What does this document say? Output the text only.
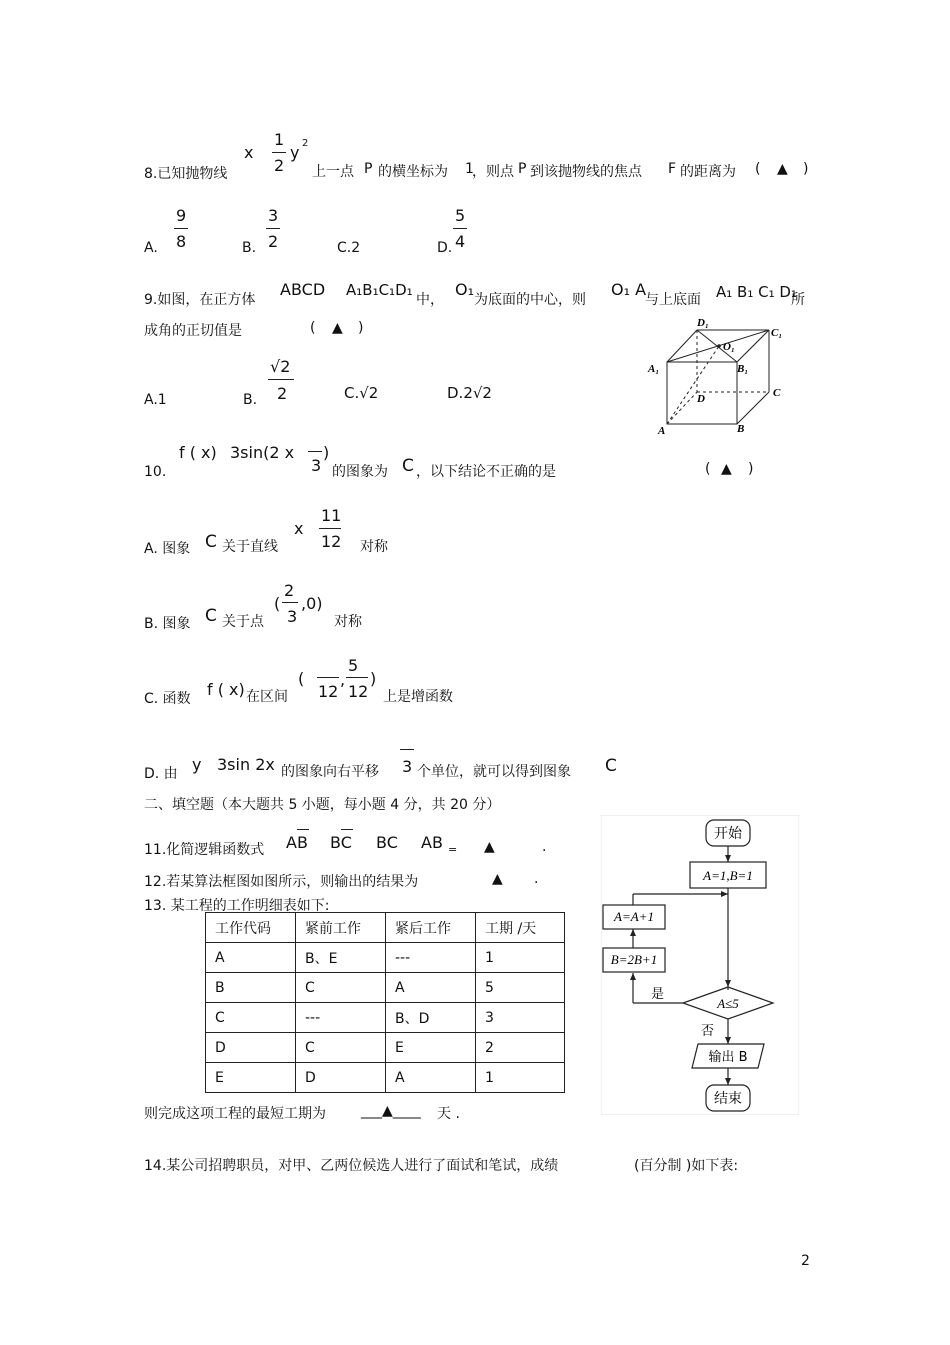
x
1
2
y 2
8.已知抛物线	上一点 P 的横坐标为 1
，则点 P 到该抛物线的焦点 F 的距离为 ( ▲ )
A.
9
8	B.
3
2	C.2	D.
5
4
9.如图，在正方体
ABCD A₁B₁C₁D₁
中，
O₁
为底面的中心，则
O₁ A
与上底面 A₁ B₁ C₁ D₁
所
成角的正切值是	( ▲ )
A.1	B.
√2
2	C.√2	D.2√2
D₁
C₁
O₁
A₁	B₁
D	C
A	B
f ( x) 3sin(2 x )
3
10.	的图象为 C ，以下结论不正确的是	( ▲ )
A. 图象 C 关于直线
x
11
12 对称
B. 图象 C 关于点
(
2
3
,0)
对称
C. 函数 f ( x) 在区间
(
12
,
5
12
)
上是增函数
D. 由 y 3sin 2x 的图象向右平移 3 个单位，就可以得到图象 C
二、填空题（本大题共 5 小题，每小题 4 分，共 20 分）
11.化简逻辑函数式 AB BC BC AB = ▲	.
12.若某算法框图如图所示，则输出的结果为	▲ .
13. 某工程的工作明细表如下:
工作代码	紧前工作	紧后工作	工期 /天
A	B、E	---	1
B	C	A	5
C	---	B、D	3
D	C	E	2
E	D	A	1
则完成这项工程的最短工期为	___▲____ 天 .
14.某公司招聘职员，对甲、乙两位候选人进行了面试和笔试，成绩	(百分制 )如下表:
开始
A=1,B=1
A=A+1
B=2B+1
A≤5
是
否
输出 B
结束
2
